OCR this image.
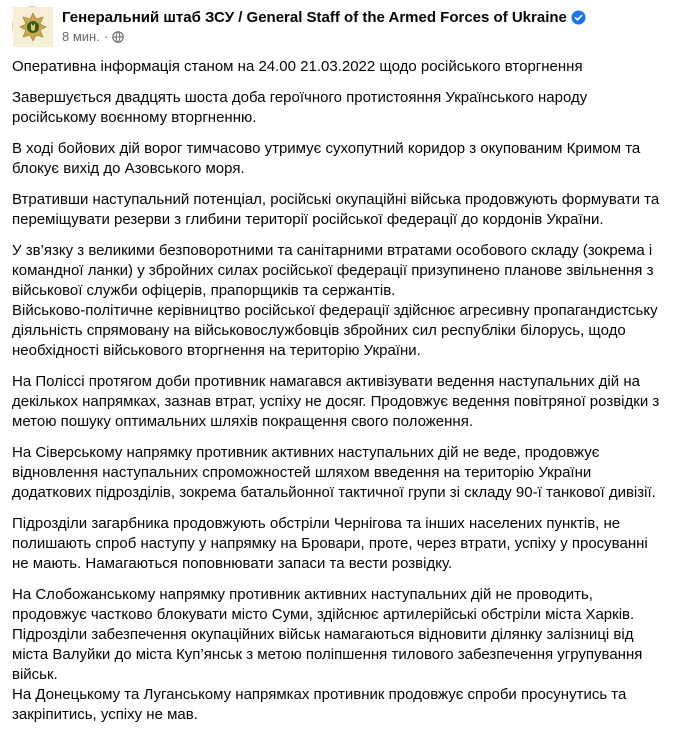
Генеральний штаб ЗСУ / General Staff of the Armed Forces of Ukraine
8 мин. ·

Оперативна інформація станом на 24.00 21.03.2022 щодо російського вторгнення

Завершується двадцять шоста доба героїчного протистояння Українського народу
російському воєнному вторгненню.

В ході бойових дій ворог тимчасово утримує сухопутний коридор з окупованим Кримом та
блокує вихід до Азовського моря.

Втративши наступальний потенціал, російські окупаційні війська продовжують формувати та
переміщувати резерви з глибини території російської федерації до кордонів України.

У зв’язку з великими безповоротними та санітарними втратами особового складу (зокрема і
командної ланки) у збройних силах російської федерації призупинено планове звільнення з
військової служби офіцерів, прапорщиків та сержантів.

Військово-політичне керівництво російської федерації здійснює агресивну пропагандистську
діяльність спрямовану на військовослужбовців збройних сил республіки білорусь, щодо
необхідності військового вторгнення на територію України.

На Поліссі протягом доби противник намагався активізувати ведення наступальних дій на
декількох напрямках, зазнав втрат, успіху не досяг. Продовжує ведення повітряної розвідки з
метою пошуку оптимальних шляхів покращення свого положення.

На Сіверському напрямку противник активних наступальних дій не веде, продовжує
відновлення наступальних спроможностей шляхом введення на територію України
додаткових підрозділів, зокрема батальйонної тактичної групи зі складу 90-ї танкової дивізії.

Підрозділи загарбника продовжують обстріли Чернігова та інших населених пунктів, не
полишають спроб наступу у напрямку на Бровари, проте, через втрати, успіху у просуванні
не мають. Намагаються поповнювати запаси та вести розвідку.

На Слобожанському напрямку противник активних наступальних дій не проводить,
продовжує частково блокувати місто Суми, здійснює артилерійські обстріли міста Харків.

Підрозділи забезпечення окупаційних військ намагаються відновити ділянку залізниці від
міста Валуйки до міста Куп’янськ з метою поліпшення тилового забезпечення угрупування
військ.

На Донецькому та Луганському напрямках противник продовжує спроби просунутись та
закріпитись, успіху не мав.
